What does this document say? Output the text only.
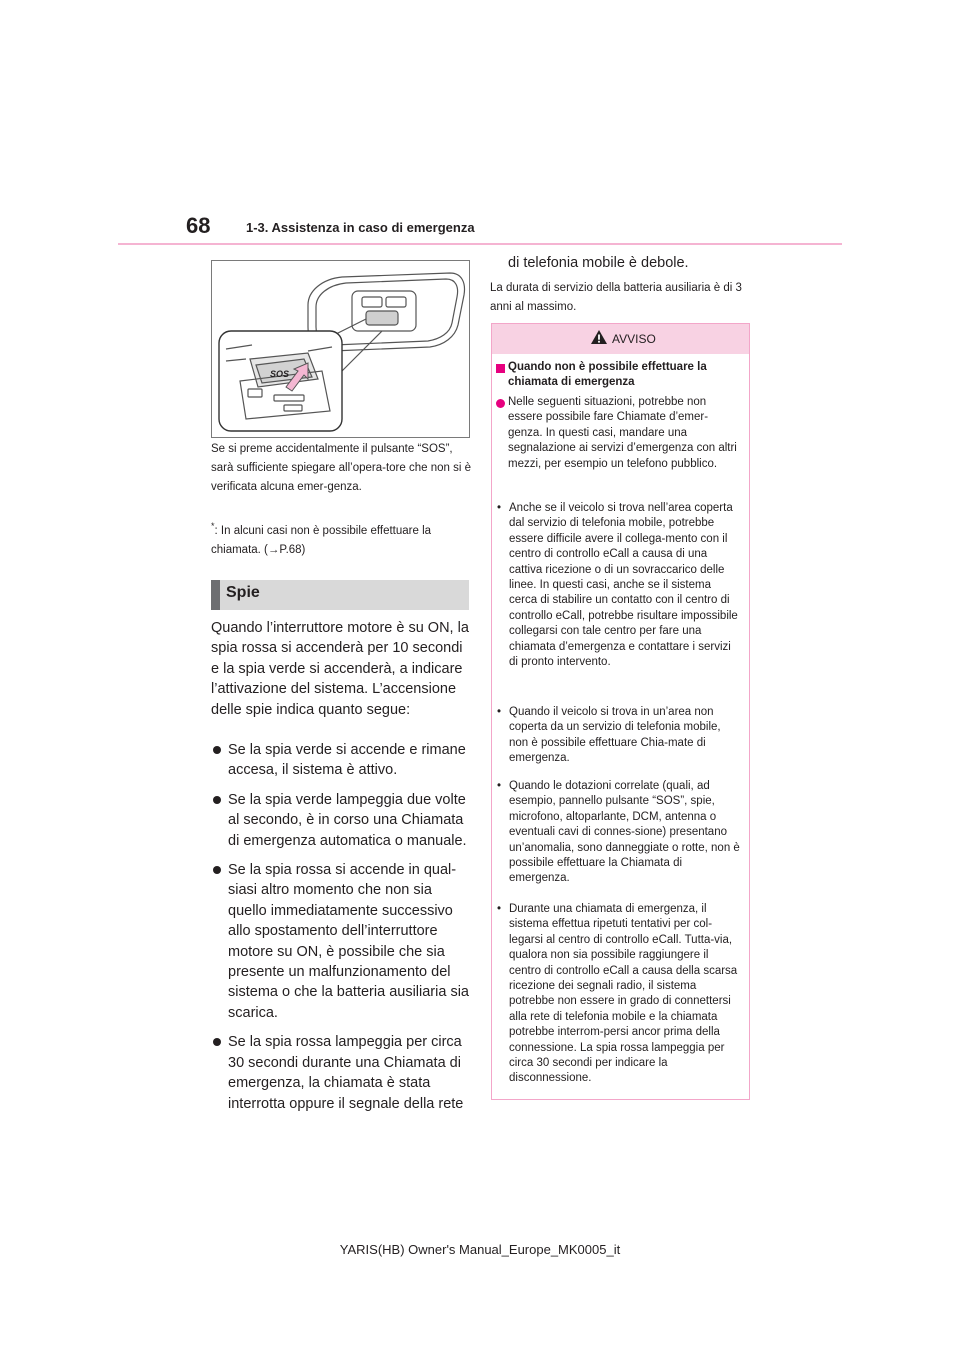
68	1-3. Assistenza in caso di emergenza
SOS
Se si preme accidentalmente il pulsante “SOS”, sarà sufficiente spiegare all’opera-tore che non si è verificata alcuna emer-genza.
*: In alcuni casi non è possibile effettuare la chiamata. (→P.68)
Spie
Quando l’interruttore motore è su ON, la spia rossa si accenderà per 10 secondi e la spia verde si accenderà, a indicare l’attivazione del sistema. L’accensione delle spie indica quanto segue:
Se la spia verde si accende e rimane accesa, il sistema è attivo.
Se la spia verde lampeggia due volte al secondo, è in corso una Chiamata di emergenza automatica o manuale.
Se la spia rossa si accende in qual-siasi altro momento che non sia quello immediatamente successivo allo spostamento dell’interruttore motore su ON, è possibile che sia presente un malfunzionamento del sistema o che la batteria ausiliaria sia scarica.
Se la spia rossa lampeggia per circa 30 secondi durante una Chiamata di emergenza, la chiamata è stata interrotta oppure il segnale della rete
di telefonia mobile è debole.
La durata di servizio della batteria ausiliaria è di 3 anni al massimo.
AVVISO
Quando non è possibile effettuare la chiamata di emergenza
Nelle seguenti situazioni, potrebbe non essere possibile fare Chiamate d’emer-genza. In questi casi, mandare una segnalazione ai servizi d’emergenza con altri mezzi, per esempio un telefono pubblico.
• Anche se il veicolo si trova nell’area coperta dal servizio di telefonia mobile, potrebbe essere difficile avere il collega-mento con il centro di controllo eCall a causa di una cattiva ricezione o di un sovraccarico delle linee. In questi casi, anche se il sistema cerca di stabilire un contatto con il centro di controllo eCall, potrebbe risultare impossibile collegarsi con tale centro per fare una chiamata d’emergenza e contattare i servizi di pronto intervento.
• Quando il veicolo si trova in un’area non coperta da un servizio di telefonia mobile, non è possibile effettuare Chia-mate di emergenza.
• Quando le dotazioni correlate (quali, ad esempio, pannello pulsante “SOS”, spie, microfono, altoparlante, DCM, antenna o eventuali cavi di connes-sione) presentano un’anomalia, sono danneggiate o rotte, non è possibile effettuare la Chiamata di emergenza.
• Durante una chiamata di emergenza, il sistema effettua ripetuti tentativi per col-legarsi al centro di controllo eCall. Tutta-via, qualora non sia possibile raggiungere il centro di controllo eCall a causa della scarsa ricezione dei segnali radio, il sistema potrebbe non essere in grado di connettersi alla rete di telefonia mobile e la chiamata potrebbe interrom-persi ancor prima della connessione. La spia rossa lampeggia per circa 30 secondi per indicare la disconnessione.
YARIS(HB) Owner's Manual_Europe_MK0005_it
